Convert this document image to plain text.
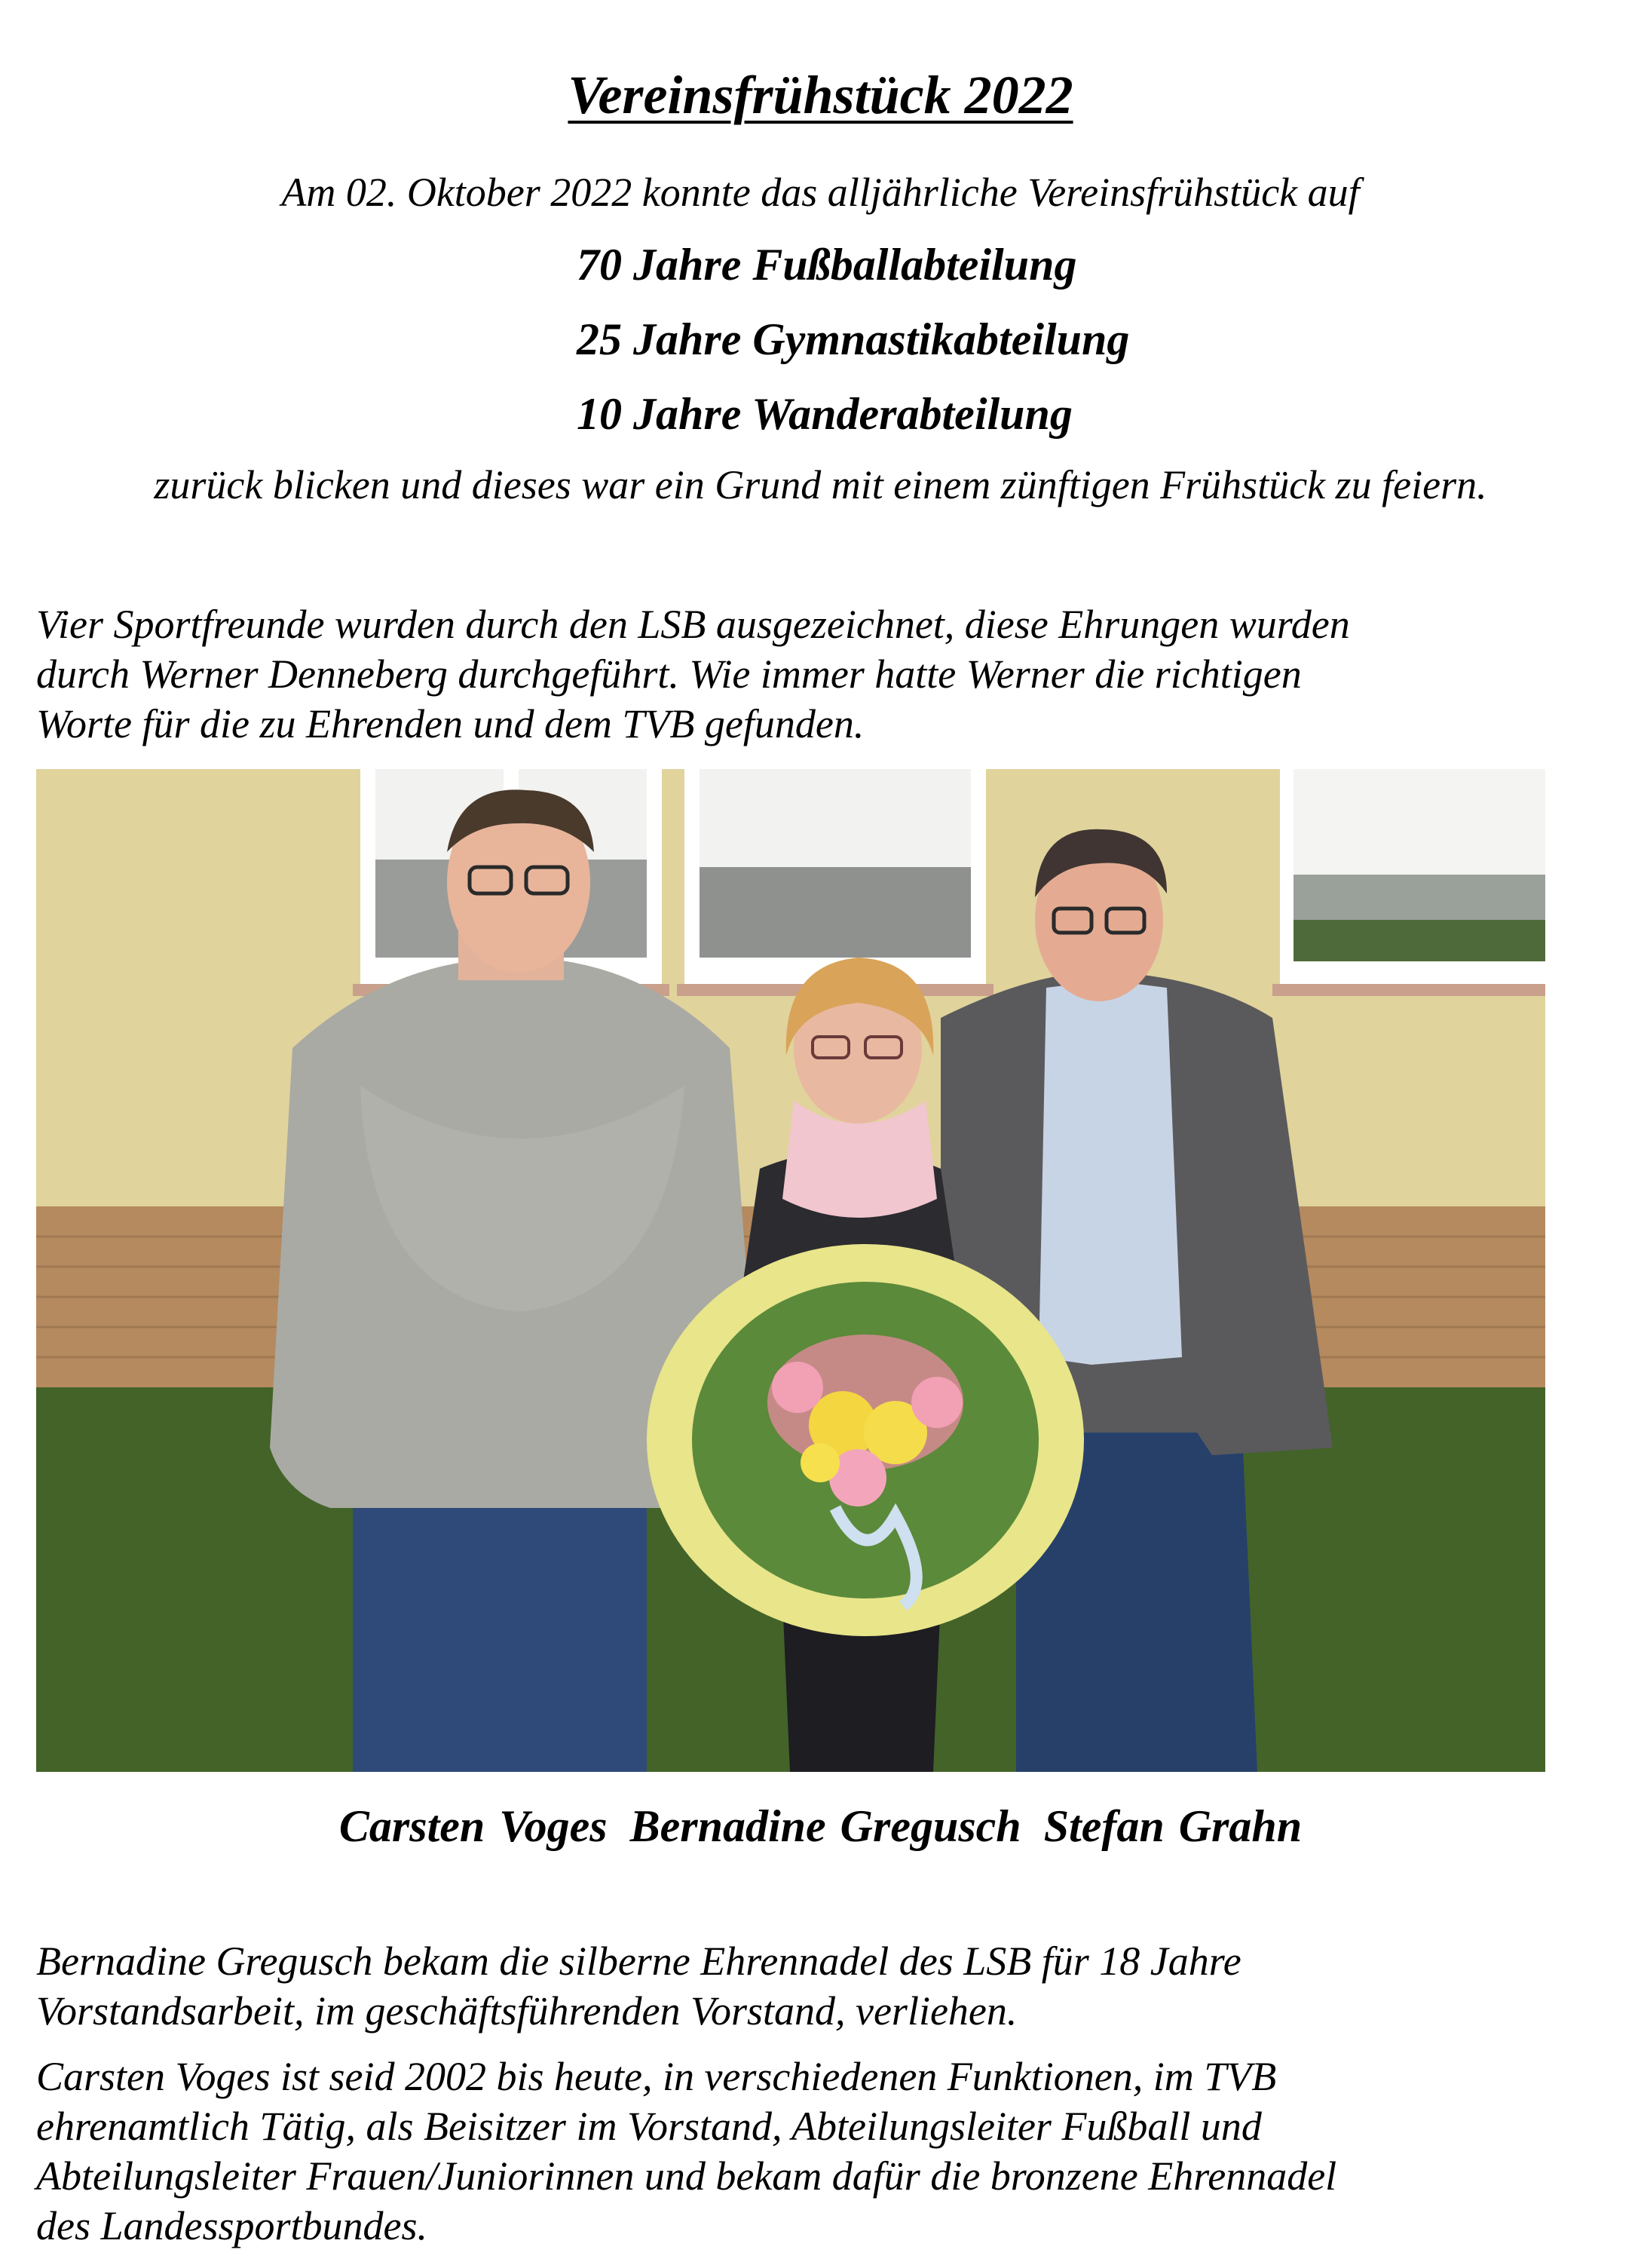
Vereinsfrühstück 2022
Am 02. Oktober 2022 konnte das alljährliche Vereinsfrühstück auf
70 Jahre Fußballabteilung
25 Jahre Gymnastikabteilung
10 Jahre Wanderabteilung
zurück blicken und dieses war ein Grund mit einem zünftigen Frühstück zu feiern.
Vier Sportfreunde wurden durch den LSB ausgezeichnet, diese Ehrungen wurden
durch Werner Denneberg durchgeführt. Wie immer hatte Werner die richtigen
Worte für die zu Ehrenden und dem TVB gefunden.
Carsten Voges Bernadine Gregusch Stefan Grahn
Bernadine Gregusch bekam die silberne Ehrennadel des LSB für 18 Jahre
Vorstandsarbeit, im geschäftsführenden Vorstand, verliehen.
Carsten Voges ist seid 2002 bis heute, in verschiedenen Funktionen, im TVB
ehrenamtlich Tätig, als Beisitzer im Vorstand, Abteilungsleiter Fußball und
Abteilungsleiter Frauen/Juniorinnen und bekam dafür die bronzene Ehrennadel
des Landessportbundes.
